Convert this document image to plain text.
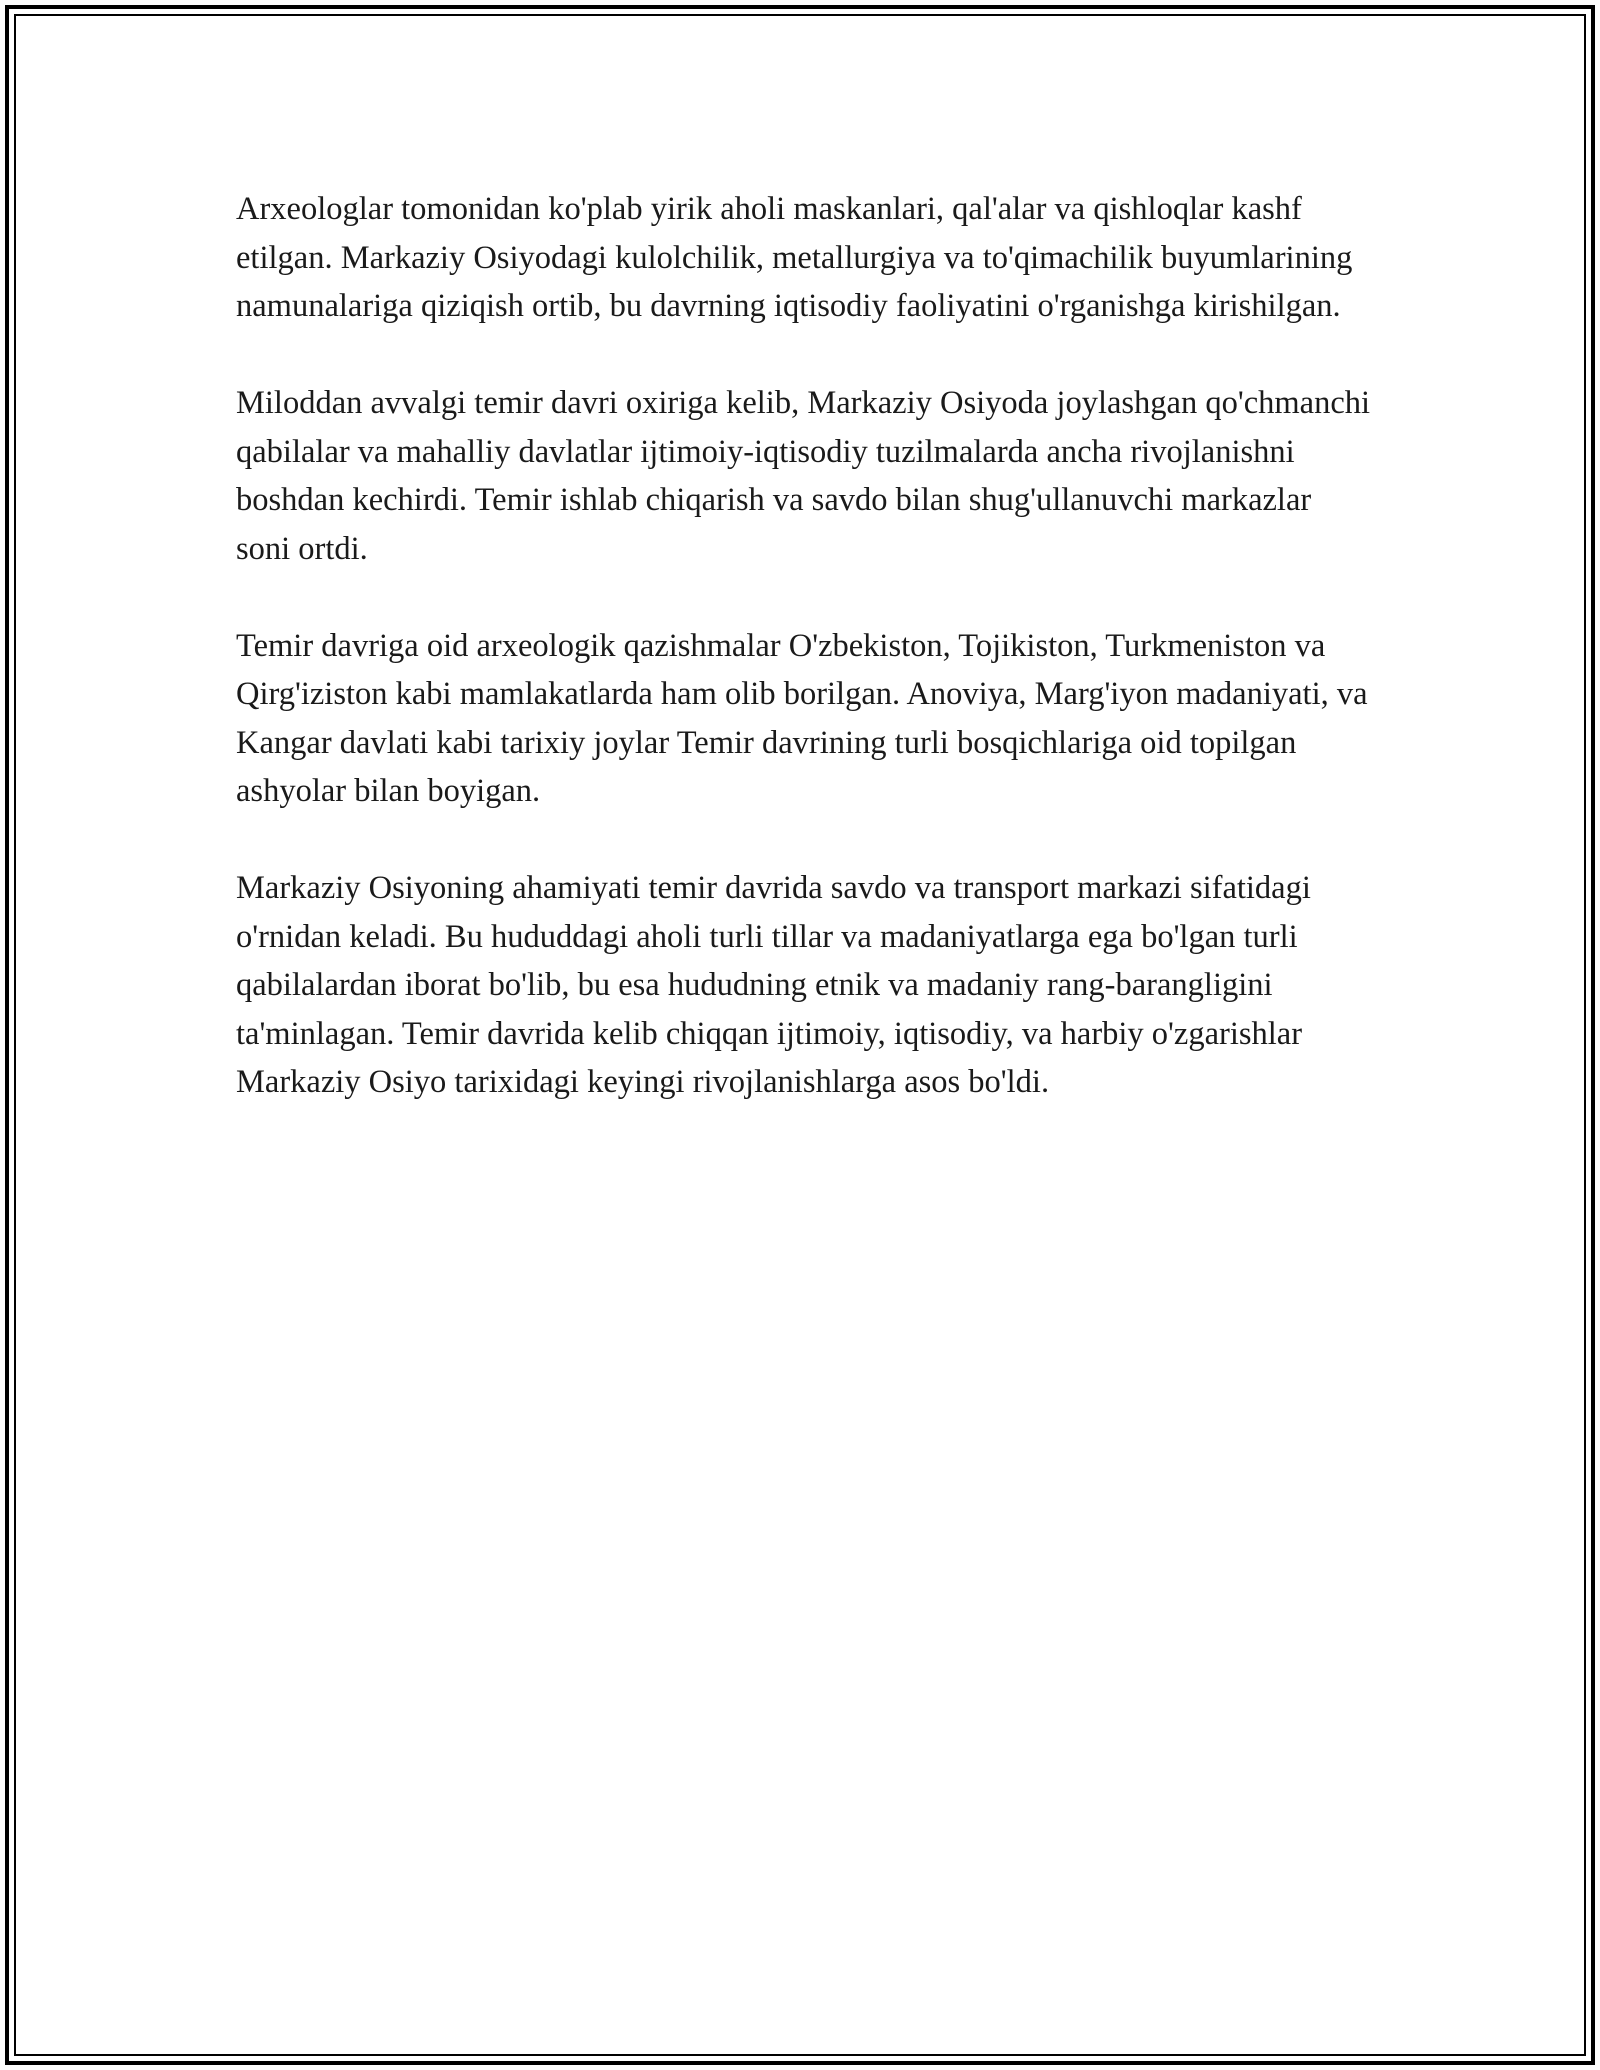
Arxeologlar tomonidan ko'plab yirik aholi maskanlari, qal'alar va qishloqlar kashf etilgan. Markaziy Osiyodagi kulolchilik, metallurgiya va to'qimachilik buyumlarining namunalariga qiziqish ortib, bu davrning iqtisodiy faoliyatini o'rganishga kirishilgan.

Miloddan avvalgi temir davri oxiriga kelib, Markaziy Osiyoda joylashgan qo'chmanchi qabilalar va mahalliy davlatlar ijtimoiy-iqtisodiy tuzilmalarda ancha rivojlanishni boshdan kechirdi. Temir ishlab chiqarish va savdo bilan shug'ullanuvchi markazlar soni ortdi.

Temir davriga oid arxeologik qazishmalar O'zbekiston, Tojikiston, Turkmeniston va Qirg'iziston kabi mamlakatlarda ham olib borilgan. Anoviya, Marg'iyon madaniyati, va Kangar davlati kabi tarixiy joylar Temir davrining turli bosqichlariga oid topilgan ashyolar bilan boyigan.

Markaziy Osiyoning ahamiyati temir davrida savdo va transport markazi sifatidagi o'rnidan keladi. Bu hududdagi aholi turli tillar va madaniyatlarga ega bo'lgan turli qabilalardan iborat bo'lib, bu esa hududning etnik va madaniy rang-barangligini ta'minlagan. Temir davrida kelib chiqqan ijtimoiy, iqtisodiy, va harbiy o'zgarishlar Markaziy Osiyo tarixidagi keyingi rivojlanishlarga asos bo'ldi.
